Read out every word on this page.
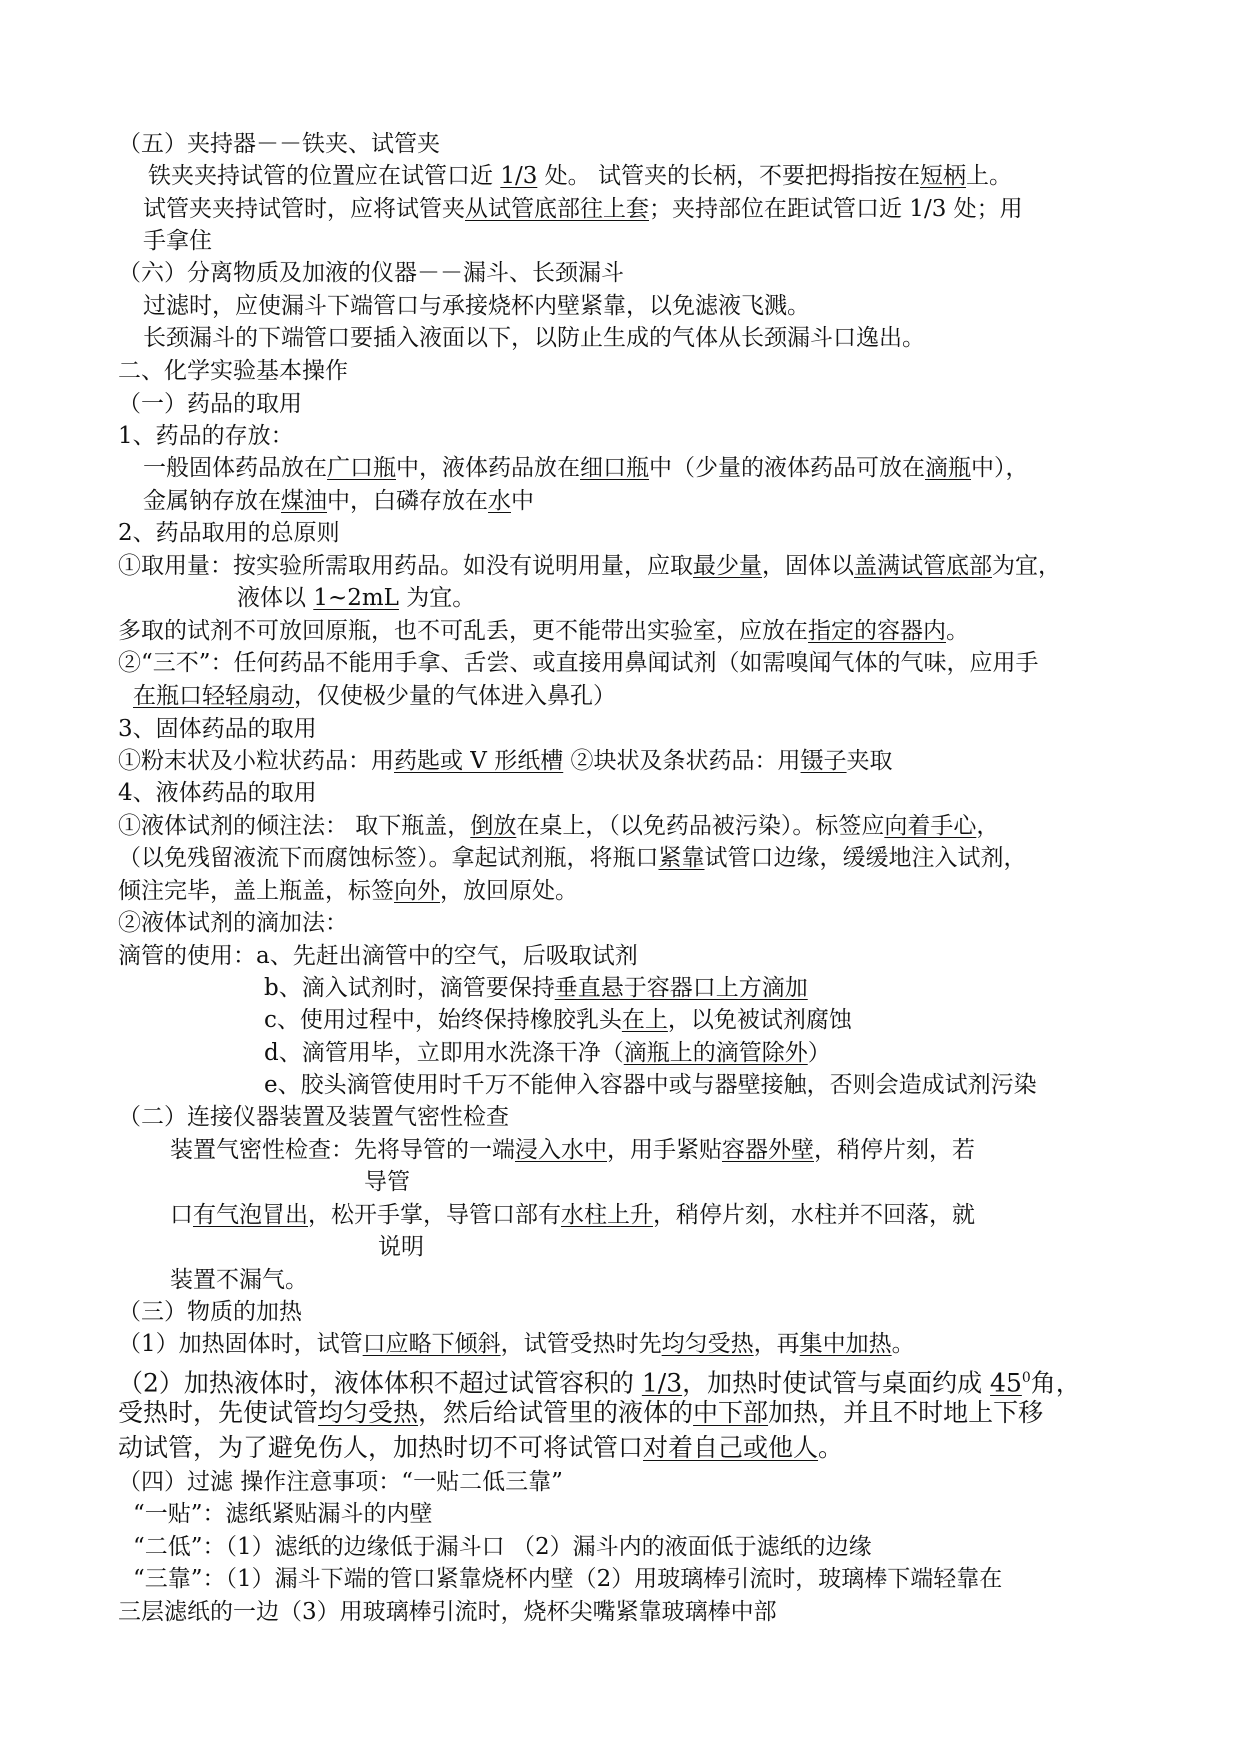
（五）夹持器－－铁夹、试管夹
铁夹夹持试管的位置应在试管口近 1/3 处。 试管夹的长柄，不要把拇指按在短柄上。
试管夹夹持试管时，应将试管夹从试管底部往上套；夹持部位在距试管口近 1/3 处；用
手拿住
（六）分离物质及加液的仪器－－漏斗、长颈漏斗
过滤时，应使漏斗下端管口与承接烧杯内壁紧靠，以免滤液飞溅。
长颈漏斗的下端管口要插入液面以下，以防止生成的气体从长颈漏斗口逸出。
二、化学实验基本操作
（一）药品的取用
1、药品的存放：
一般固体药品放在广口瓶中，液体药品放在细口瓶中（少量的液体药品可放在滴瓶中），
金属钠存放在煤油中，白磷存放在水中
2、药品取用的总原则
①取用量：按实验所需取用药品。如没有说明用量，应取最少量，固体以盖满试管底部为宜，
液体以 1~2mL 为宜。
多取的试剂不可放回原瓶，也不可乱丢，更不能带出实验室，应放在指定的容器内。
②“三不”：任何药品不能用手拿、舌尝、或直接用鼻闻试剂（如需嗅闻气体的气味，应用手
在瓶口轻轻扇动，仅使极少量的气体进入鼻孔）
3、固体药品的取用
①粉末状及小粒状药品：用药匙或 V 形纸槽 ②块状及条状药品：用镊子夹取
4、液体药品的取用
①液体试剂的倾注法： 取下瓶盖，倒放在桌上，（以免药品被污染）。标签应向着手心，
（以免残留液流下而腐蚀标签）。拿起试剂瓶，将瓶口紧靠试管口边缘，缓缓地注入试剂，
倾注完毕，盖上瓶盖，标签向外，放回原处。
②液体试剂的滴加法：
滴管的使用：a、先赶出滴管中的空气，后吸取试剂
b、滴入试剂时，滴管要保持垂直悬于容器口上方滴加
c、使用过程中，始终保持橡胶乳头在上，以免被试剂腐蚀
d、滴管用毕，立即用水洗涤干净（滴瓶上的滴管除外）
e、胶头滴管使用时千万不能伸入容器中或与器壁接触，否则会造成试剂污染
（二）连接仪器装置及装置气密性检查
装置气密性检查：先将导管的一端浸入水中，用手紧贴容器外壁，稍停片刻，若
导管
口有气泡冒出，松开手掌，导管口部有水柱上升，稍停片刻，水柱并不回落，就
说明
装置不漏气。
（三）物质的加热
（1）加热固体时，试管口应略下倾斜，试管受热时先均匀受热，再集中加热。
（2）加热液体时，液体体积不超过试管容积的 1/3，加热时使试管与桌面约成 $45^0$角，
受热时，先使试管均匀受热，然后给试管里的液体的中下部加热，并且不时地上下移
动试管，为了避免伤人，加热时切不可将试管口对着自己或他人。
（四）过滤 操作注意事项：“一贴二低三靠”
“一贴”：滤纸紧贴漏斗的内壁
“二低”：（1）滤纸的边缘低于漏斗口 （2）漏斗内的液面低于滤纸的边缘
“三靠”：（1）漏斗下端的管口紧靠烧杯内壁（2）用玻璃棒引流时，玻璃棒下端轻靠在
三层滤纸的一边（3）用玻璃棒引流时，烧杯尖嘴紧靠玻璃棒中部
